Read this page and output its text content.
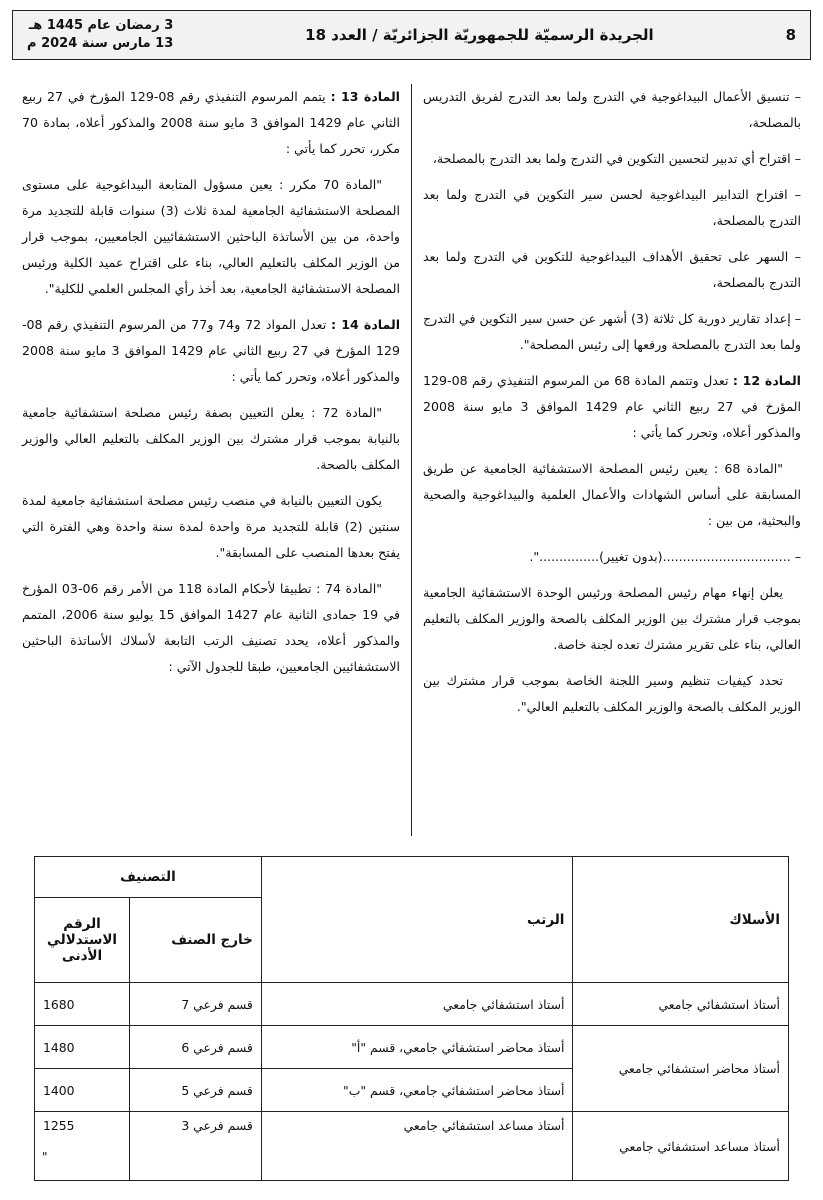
8
الجريدة الرسميّة للجمهوريّة الجزائريّة / العدد 18
3 رمضان عام 1445 هـ
13 مارس سنة 2024 م

– تنسيق الأعمال البيداغوجية في التدرج ولما بعد التدرج لفريق التدريس بالمصلحة،

– اقتراح أي تدبير لتحسين التكوين في التدرج ولما بعد التدرج بالمصلحة،

– اقتراح التدابير البيداغوجية لحسن سير التكوين في التدرج ولما بعد التدرج بالمصلحة،

– السهر على تحقيق الأهداف البيداغوجية للتكوين في التدرج ولما بعد التدرج بالمصلحة،

– إعداد تقارير دورية كل ثلاثة (3) أشهر عن حسن سير التكوين في التدرج ولما بعد التدرج بالمصلحة ورفعها إلى رئيس المصلحة".

المادة 12 : تعدل وتتمم المادة 68 من المرسوم التنفيذي رقم 08-129 المؤرخ في 27 ربيع الثاني عام 1429 الموافق 3 مايو سنة 2008 والمذكور أعلاه، وتحرر كما يأتي :

"المادة 68 : يعين رئيس المصلحة الاستشفائية الجامعية عن طريق المسابقة على أساس الشهادات والأعمال العلمية والبيداغوجية والصحية والبحثية، من بين :

– ................................(بدون تغيير)...............".

يعلن إنهاء مهام رئيس المصلحة ورئيس الوحدة الاستشفائية الجامعية بموجب قرار مشترك بين الوزير المكلف بالصحة والوزير المكلف بالتعليم العالي، بناء على تقرير مشترك تعده لجنة خاصة.

تحدد كيفيات تنظيم وسير اللجنة الخاصة بموجب قرار مشترك بين الوزير المكلف بالصحة والوزير المكلف بالتعليم العالي".

المادة 13 : يتمم المرسوم التنفيذي رقم 08-129 المؤرخ في 27 ربيع الثاني عام 1429 الموافق 3 مايو سنة 2008 والمذكور أعلاه، بمادة 70 مكرر، تحرر كما يأتي :

"المادة 70 مكرر : يعين مسؤول المتابعة البيداغوجية على مستوى المصلحة الاستشفائية الجامعية لمدة ثلاث (3) سنوات قابلة للتجديد مرة واحدة، من بين الأساتذة الباحثين الاستشفائيين الجامعيين، بموجب قرار من الوزير المكلف بالتعليم العالي، بناء على اقتراح عميد الكلية ورئيس المصلحة الاستشفائية الجامعية، بعد أخذ رأي المجلس العلمي للكلية".

المادة 14 : تعدل المواد 72 و74 و77 من المرسوم التنفيذي رقم 08-129 المؤرخ في 27 ربيع الثاني عام 1429 الموافق 3 مايو سنة 2008 والمذكور أعلاه، وتحرر كما يأتي :

"المادة 72 : يعلن التعيين بصفة رئيس مصلحة استشفائية جامعية بالنيابة بموجب قرار مشترك بين الوزير المكلف بالتعليم العالي والوزير المكلف بالصحة.

يكون التعيين بالنيابة في منصب رئيس مصلحة استشفائية جامعية لمدة سنتين (2) قابلة للتجديد مرة واحدة لمدة سنة واحدة وهي الفترة التي يفتح بعدها المنصب على المسابقة".

"المادة 74 : تطبيقا لأحكام المادة 118 من الأمر رقم 06-03 المؤرخ في 19 جمادى الثانية عام 1427 الموافق 15 يوليو سنة 2006، المتمم والمذكور أعلاه، يحدد تصنيف الرتب التابعة لأسلاك الأساتذة الباحثين الاستشفائيين الجامعيين، طبقا للجدول الآتي :

الأسلاك	الرتب	التصنيف	
		خارج الصنف	الرقم الاستدلالي الأدنى
أستاذ استشفائي جامعي	أستاذ استشفائي جامعي	قسم فرعي 7	1680
أستاذ محاضر استشفائي جامعي	أستاذ محاضر استشفائي جامعي، قسم "أ"	قسم فرعي 6	1480
	أستاذ محاضر استشفائي جامعي، قسم "ب"	قسم فرعي 5	1400
أستاذ مساعد استشفائي جامعي	أستاذ مساعد استشفائي جامعي	قسم فرعي 3	1255
"
